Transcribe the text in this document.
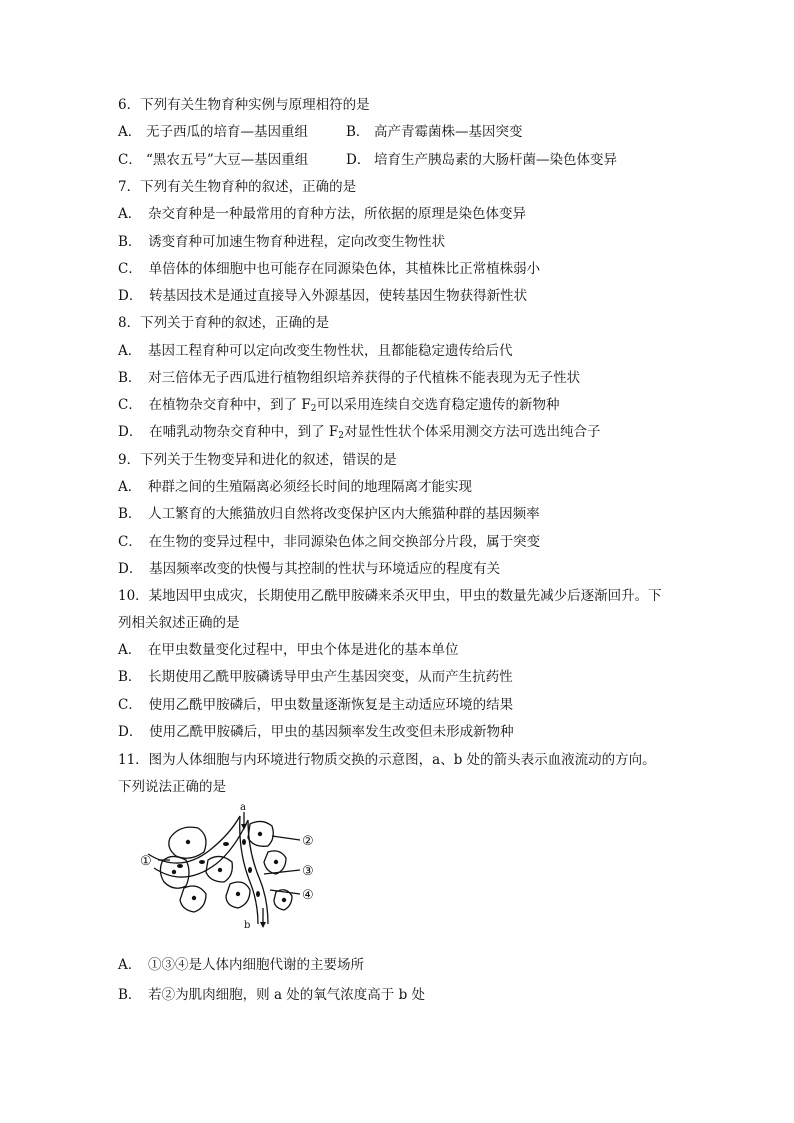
6．下列有关生物育种实例与原理相符的是
A． 无子西瓜的培育—基因重组	B． 高产青霉菌株—基因突变
C． “黑农五号”大豆—基因重组	D． 培育生产胰岛素的大肠杆菌—染色体变异
7．下列有关生物育种的叙述，正确的是
A．　杂交育种是一种最常用的育种方法，所依据的原理是染色体变异
B．　诱变育种可加速生物育种进程，定向改变生物性状
C．　单倍体的体细胞中也可能存在同源染色体，其植株比正常植株弱小
D．　转基因技术是通过直接导入外源基因，使转基因生物获得新性状
8．下列关于育种的叙述，正确的是
A．　基因工程育种可以定向改变生物性状，且都能稳定遗传给后代
B．　对三倍体无子西瓜进行植物组织培养获得的子代植株不能表现为无子性状
C．　在植物杂交育种中，到了 $F_2$可以采用连续自交选育稳定遗传的新物种
D．　在哺乳动物杂交育种中，到了 $F_2$对显性性状个体采用测交方法可选出纯合子
9．下列关于生物变异和进化的叙述，错误的是
A．　种群之间的生殖隔离必须经长时间的地理隔离才能实现
B．　人工繁育的大熊猫放归自然将改变保护区内大熊猫种群的基因频率
C．　在生物的变异过程中，非同源染色体之间交换部分片段，属于突变
D．　基因频率改变的快慢与其控制的性状与环境适应的程度有关
10．某地因甲虫成灾，长期使用乙酰甲胺磷来杀灭甲虫，甲虫的数量先减少后逐渐回升。下
列相关叙述正确的是
A．　在甲虫数量变化过程中，甲虫个体是进化的基本单位
B．　长期使用乙酰甲胺磷诱导甲虫产生基因突变，从而产生抗药性
C．　使用乙酰甲胺磷后，甲虫数量逐渐恢复是主动适应环境的结果
D．　使用乙酰甲胺磷后，甲虫的基因频率发生改变但未形成新物种
11．图为人体细胞与内环境进行物质交换的示意图，a、b 处的箭头表示血液流动的方向。
下列说法正确的是
a
b
①
②
③
④
A．　①③④是人体内细胞代谢的主要场所
B．　若②为肌肉细胞，则 a 处的氧气浓度高于 b 处
